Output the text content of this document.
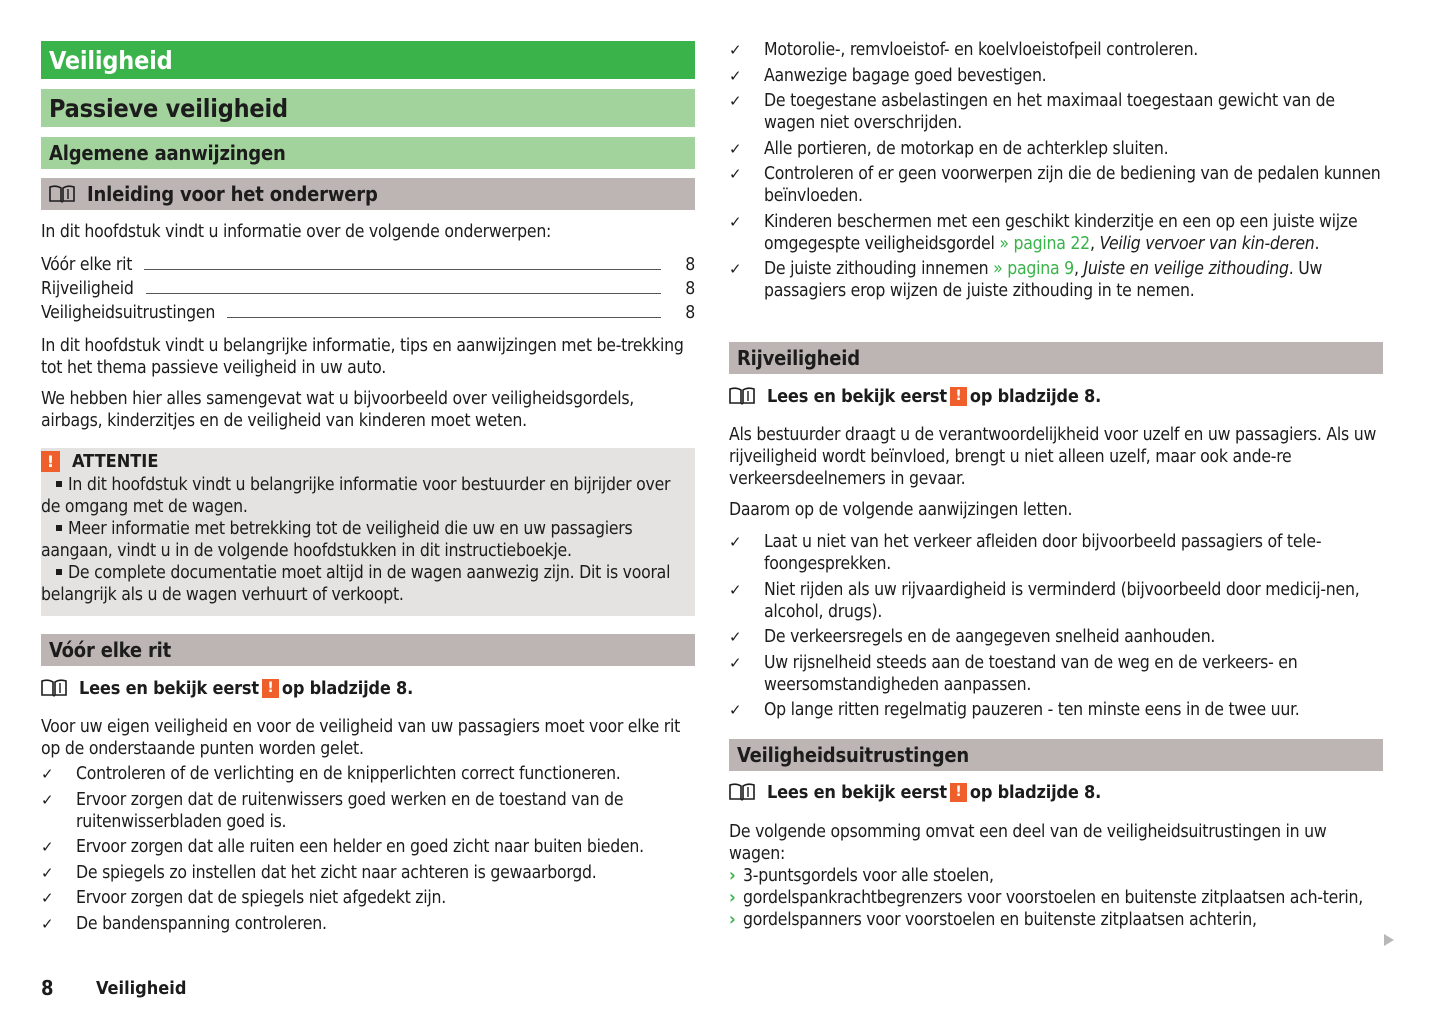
Veiligheid
Passieve veiligheid
Algemene aanwijzingen
Inleiding voor het onderwerp
In dit hoofdstuk vindt u informatie over de volgende onderwerpen:
Vóór elke rit	8
Rijveiligheid	8
Veiligheidsuitrustingen	8
In dit hoofdstuk vindt u belangrijke informatie, tips en aanwijzingen met be-trekking tot het thema passieve veiligheid in uw auto.
We hebben hier alles samengevat wat u bijvoorbeeld over veiligheidsgordels, airbags, kinderzitjes en de veiligheid van kinderen moet weten.
! ATTENTIE
In dit hoofdstuk vindt u belangrijke informatie voor bestuurder en bijrijder over de omgang met de wagen.
Meer informatie met betrekking tot de veiligheid die uw en uw passagiers aangaan, vindt u in de volgende hoofdstukken in dit instructieboekje.
De complete documentatie moet altijd in de wagen aanwezig zijn. Dit is vooral belangrijk als u de wagen verhuurt of verkoopt.
Vóór elke rit
Lees en bekijk eerst ! op bladzijde 8.
Voor uw eigen veiligheid en voor de veiligheid van uw passagiers moet voor elke rit op de onderstaande punten worden gelet.
✓ Controleren of de verlichting en de knipperlichten correct functioneren.
✓ Ervoor zorgen dat de ruitenwissers goed werken en de toestand van de ruitenwisserbladen goed is.
✓ Ervoor zorgen dat alle ruiten een helder en goed zicht naar buiten bieden.
✓ De spiegels zo instellen dat het zicht naar achteren is gewaarborgd.
✓ Ervoor zorgen dat de spiegels niet afgedekt zijn.
✓ De bandenspanning controleren.
✓ Motorolie-, remvloeistof- en koelvloeistofpeil controleren.
✓ Aanwezige bagage goed bevestigen.
✓ De toegestane asbelastingen en het maximaal toegestaan gewicht van de wagen niet overschrijden.
✓ Alle portieren, de motorkap en de achterklep sluiten.
✓ Controleren of er geen voorwerpen zijn die de bediening van de pedalen kunnen beïnvloeden.
✓ Kinderen beschermen met een geschikt kinderzitje en een op een juiste wijze omgegespte veiligheidsgordel » pagina 22, Veilig vervoer van kin-deren.
✓ De juiste zithouding innemen » pagina 9, Juiste en veilige zithouding. Uw passagiers erop wijzen de juiste zithouding in te nemen.
Rijveiligheid
Lees en bekijk eerst ! op bladzijde 8.
Als bestuurder draagt u de verantwoordelijkheid voor uzelf en uw passagiers. Als uw rijveiligheid wordt beïnvloed, brengt u niet alleen uzelf, maar ook ande-re verkeersdeelnemers in gevaar.
Daarom op de volgende aanwijzingen letten.
✓ Laat u niet van het verkeer afleiden door bijvoorbeeld passagiers of tele-foongesprekken.
✓ Niet rijden als uw rijvaardigheid is verminderd (bijvoorbeeld door medicij-nen, alcohol, drugs).
✓ De verkeersregels en de aangegeven snelheid aanhouden.
✓ Uw rijsnelheid steeds aan de toestand van de weg en de verkeers- en weersomstandigheden aanpassen.
✓ Op lange ritten regelmatig pauzeren - ten minste eens in de twee uur.
Veiligheidsuitrustingen
Lees en bekijk eerst ! op bladzijde 8.
De volgende opsomming omvat een deel van de veiligheidsuitrustingen in uw wagen:
› 3-puntsgordels voor alle stoelen,
› gordelspankrachtbegrenzers voor voorstoelen en buitenste zitplaatsen ach-terin,
› gordelspanners voor voorstoelen en buitenste zitplaatsen achterin,
8 Veiligheid
